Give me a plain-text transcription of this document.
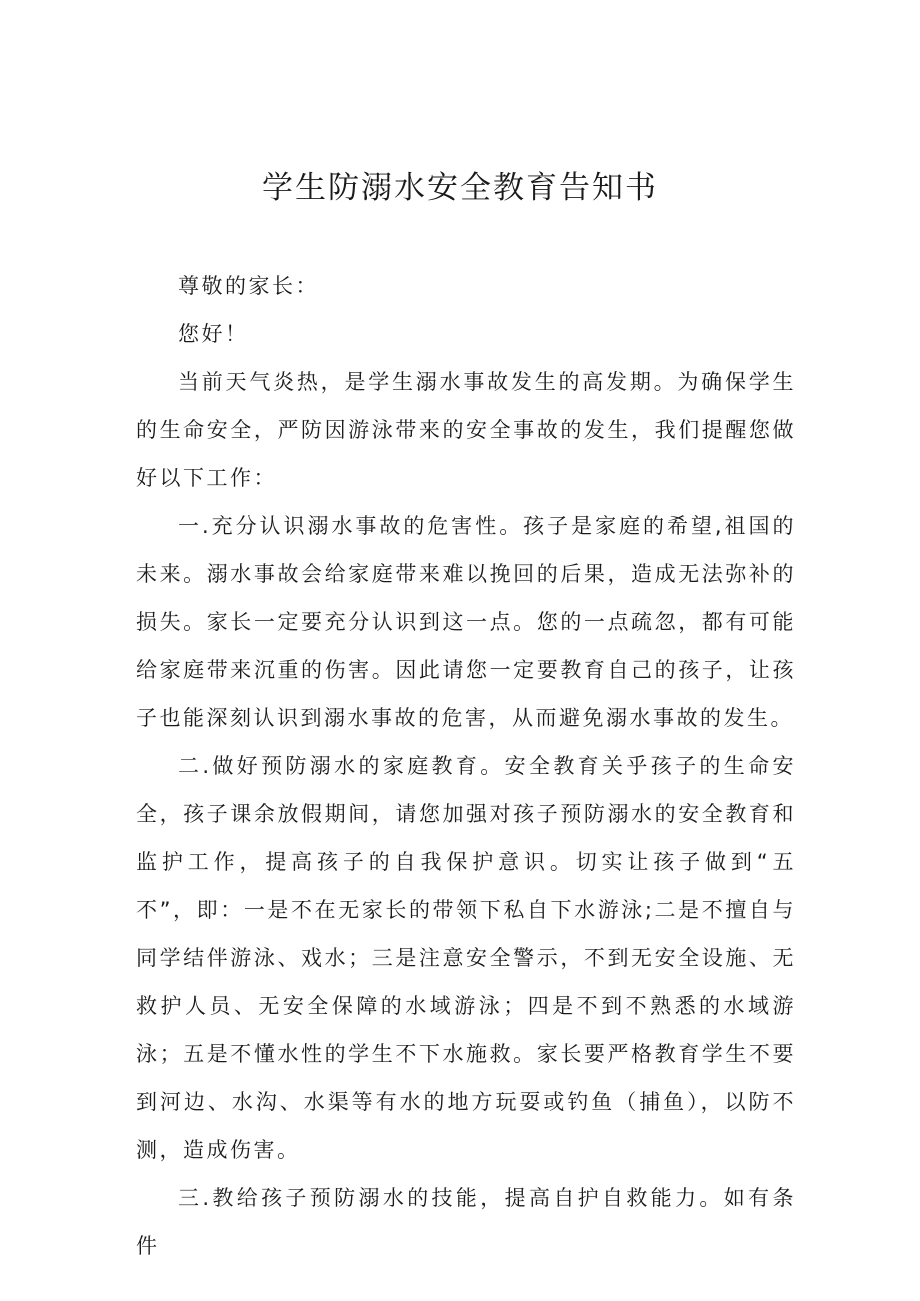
学生防溺水安全教育告知书

尊敬的家长：

您好！

当前天气炎热，是学生溺水事故发生的高发期。为确保学生的生命安全，严防因游泳带来的安全事故的发生，我们提醒您做好以下工作：

一.充分认识溺水事故的危害性。孩子是家庭的希望,祖国的未来。溺水事故会给家庭带来难以挽回的后果，造成无法弥补的损失。家长一定要充分认识到这一点。您的一点疏忽，都有可能给家庭带来沉重的伤害。因此请您一定要教育自己的孩子，让孩子也能深刻认识到溺水事故的危害，从而避免溺水事故的发生。

二.做好预防溺水的家庭教育。安全教育关乎孩子的生命安全，孩子课余放假期间，请您加强对孩子预防溺水的安全教育和监护工作，提高孩子的自我保护意识。切实让孩子做到“五不”，即：一是不在无家长的带领下私自下水游泳;二是不擅自与同学结伴游泳、戏水；三是注意安全警示，不到无安全设施、无救护人员、无安全保障的水域游泳；四是不到不熟悉的水域游泳；五是不懂水性的学生不下水施救。家长要严格教育学生不要到河边、水沟、水渠等有水的地方玩耍或钓鱼（捕鱼），以防不测，造成伤害。

三.教给孩子预防溺水的技能，提高自护自救能力。如有条件
